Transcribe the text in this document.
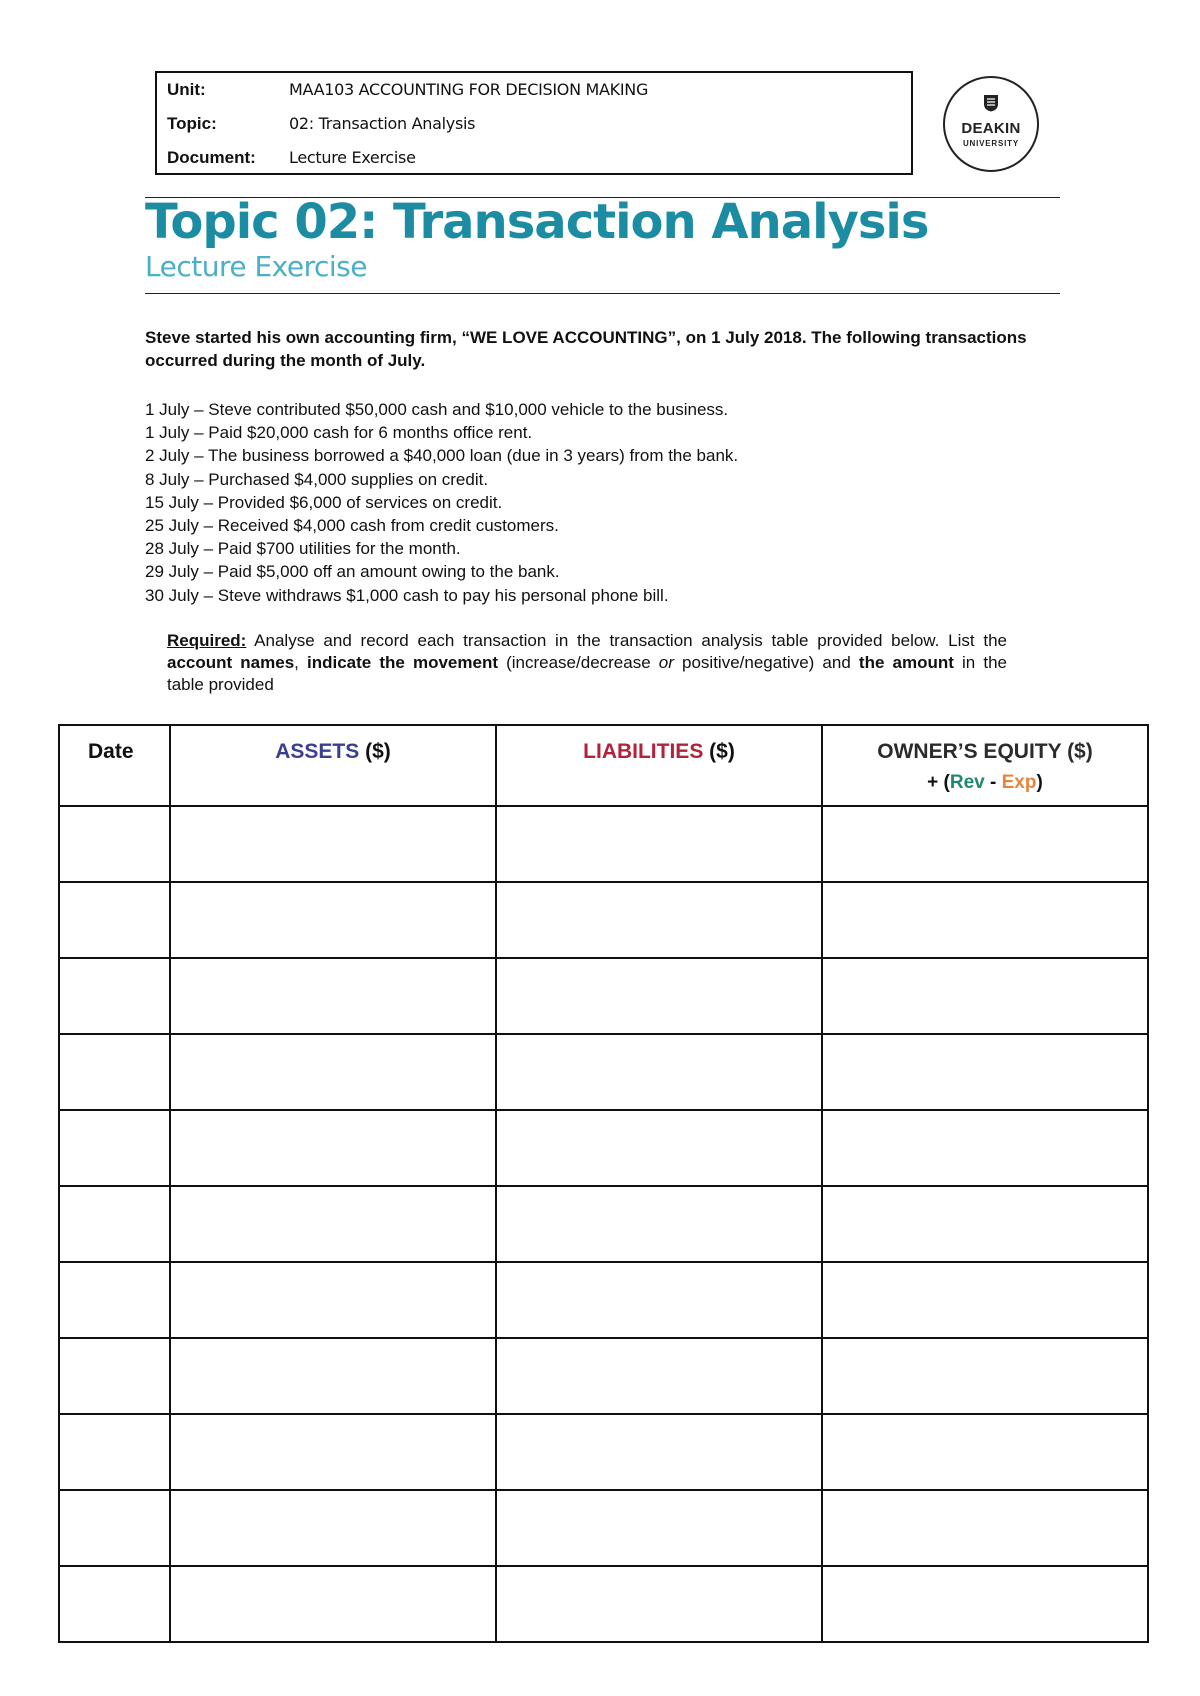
Unit:	MAA103 ACCOUNTING FOR DECISION MAKING
Topic:	02: Transaction Analysis
Document: Lecture Exercise
DEAKIN
UNIVERSITY
Topic 02: Transaction Analysis
Lecture Exercise
Steve started his own accounting firm, “WE LOVE ACCOUNTING”, on 1 July 2018. The following transactions occurred during the month of July.
1 July – Steve contributed $50,000 cash and $10,000 vehicle to the business.
1 July – Paid $20,000 cash for 6 months office rent.
2 July – The business borrowed a $40,000 loan (due in 3 years) from the bank.
8 July – Purchased $4,000 supplies on credit.
15 July – Provided $6,000 of services on credit.
25 July – Received $4,000 cash from credit customers.
28 July – Paid $700 utilities for the month.
29 July – Paid $5,000 off an amount owing to the bank.
30 July – Steve withdraws $1,000 cash to pay his personal phone bill.
Required: Analyse and record each transaction in the transaction analysis table provided below. List the account names, indicate the movement (increase/decrease or positive/negative) and the amount in the table provided
Date	ASSETS ($)	LIABILITIES ($)	OWNER’S EQUITY ($)
+ (Rev - Exp)
